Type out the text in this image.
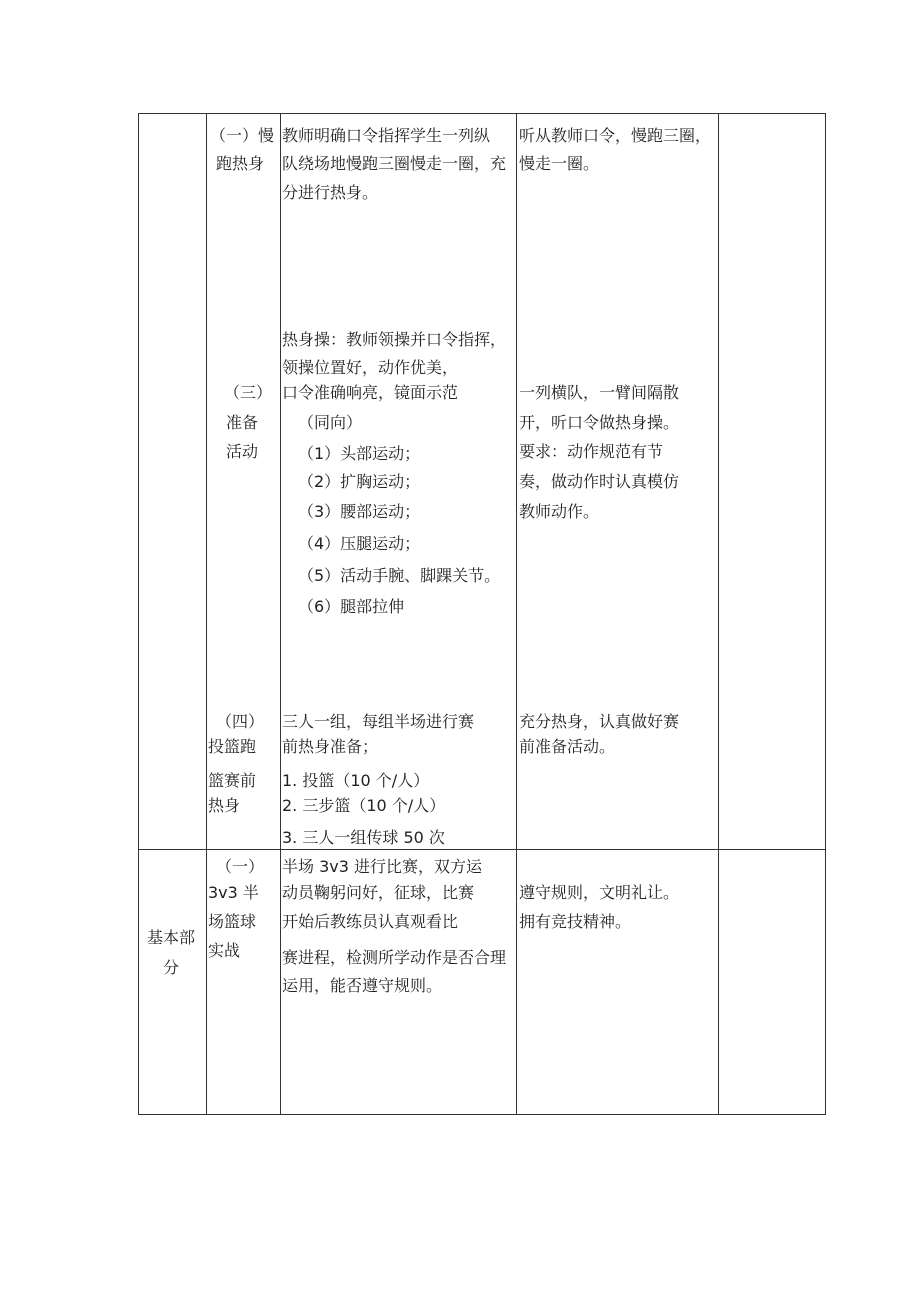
（一）慢
跑热身
教师明确口令指挥学生一列纵
队绕场地慢跑三圈慢走一圈，充
分进行热身。
听从教师口令，慢跑三圈，
慢走一圈。
（三）
准备
活动
热身操：教师领操并口令指挥，
领操位置好，动作优美，
口令准确响亮，镜面示范
（同向）
（1）头部运动；
（2）扩胸运动；
（3）腰部运动；
（4）压腿运动；
（5）活动手腕、脚踝关节。
（6）腿部拉伸
一列横队，一臂间隔散
开，听口令做热身操。
要求：动作规范有节
奏，做动作时认真模仿
教师动作。
（四）
投篮跑
篮赛前
热身
三人一组，每组半场进行赛
前热身准备；
1. 投篮（10 个/人）
2. 三步篮（10 个/人）
3. 三人一组传球 50 次
充分热身，认真做好赛
前准备活动。
基本部
分
（一）
3v3 半
场篮球
实战
半场 3v3 进行比赛，双方运
动员鞠躬问好，征球，比赛
开始后教练员认真观看比
赛进程，检测所学动作是否合理
运用，能否遵守规则。
遵守规则，文明礼让。
拥有竞技精神。
